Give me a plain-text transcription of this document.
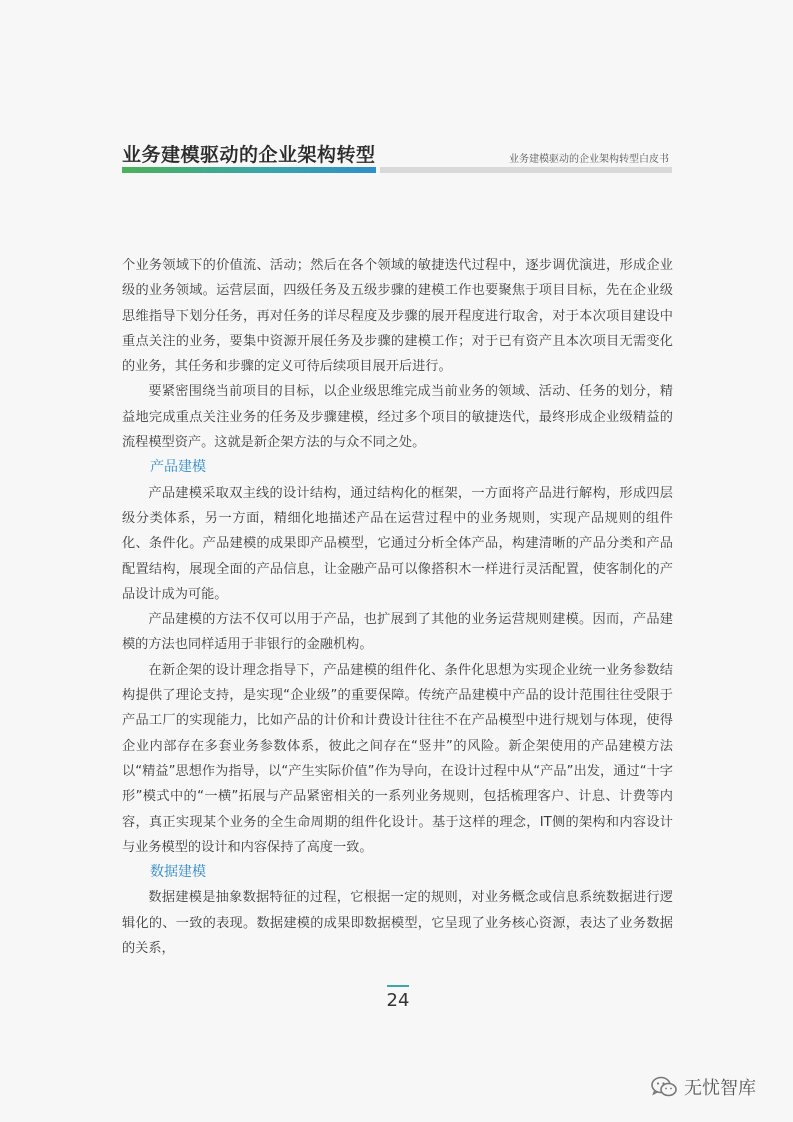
业务建模驱动的企业架构转型	业务建模驱动的企业架构转型白皮书

个业务领域下的价值流、活动；然后在各个领域的敏捷迭代过程中，逐步调优演进，形成企业级的业务领域。运营层面，四级任务及五级步骤的建模工作也要聚焦于项目目标，先在企业级思维指导下划分任务，再对任务的详尽程度及步骤的展开程度进行取舍，对于本次项目建设中重点关注的业务，要集中资源开展任务及步骤的建模工作；对于已有资产且本次项目无需变化的业务，其任务和步骤的定义可待后续项目展开后进行。

要紧密围绕当前项目的目标，以企业级思维完成当前业务的领域、活动、任务的划分，精益地完成重点关注业务的任务及步骤建模，经过多个项目的敏捷迭代，最终形成企业级精益的流程模型资产。这就是新企架方法的与众不同之处。

产品建模

产品建模采取双主线的设计结构，通过结构化的框架，一方面将产品进行解构，形成四层级分类体系，另一方面，精细化地描述产品在运营过程中的业务规则，实现产品规则的组件化、条件化。产品建模的成果即产品模型，它通过分析全体产品，构建清晰的产品分类和产品配置结构，展现全面的产品信息，让金融产品可以像搭积木一样进行灵活配置，使客制化的产品设计成为可能。

产品建模的方法不仅可以用于产品，也扩展到了其他的业务运营规则建模。因而，产品建模的方法也同样适用于非银行的金融机构。

在新企架的设计理念指导下，产品建模的组件化、条件化思想为实现企业统一业务参数结构提供了理论支持，是实现“企业级”的重要保障。传统产品建模中产品的设计范围往往受限于产品工厂的实现能力，比如产品的计价和计费设计往往不在产品模型中进行规划与体现，使得企业内部存在多套业务参数体系，彼此之间存在“竖井”的风险。新企架使用的产品建模方法以“精益”思想作为指导，以“产生实际价值”作为导向，在设计过程中从“产品”出发，通过“十字形”模式中的“一横”拓展与产品紧密相关的一系列业务规则，包括梳理客户、计息、计费等内容，真正实现某个业务的全生命周期的组件化设计。基于这样的理念，IT侧的架构和内容设计与业务模型的设计和内容保持了高度一致。

数据建模

数据建模是抽象数据特征的过程，它根据一定的规则，对业务概念或信息系统数据进行逻辑化的、一致的表现。数据建模的成果即数据模型，它呈现了业务核心资源，表达了业务数据的关系，

24
无忧智库
